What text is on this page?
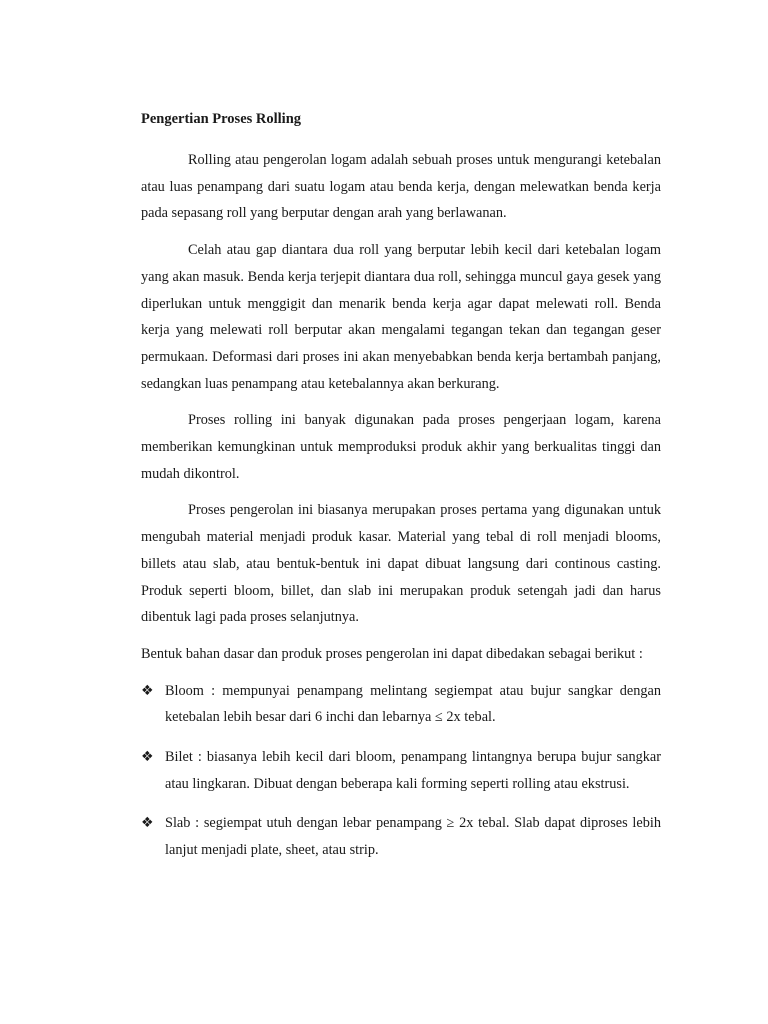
Pengertian Proses Rolling

Rolling atau pengerolan logam adalah sebuah proses untuk mengurangi ketebalan atau luas penampang dari suatu logam atau benda kerja, dengan melewatkan benda kerja pada sepasang roll yang berputar dengan arah yang berlawanan.

Celah atau gap diantara dua roll yang berputar lebih kecil dari ketebalan logam yang akan masuk. Benda kerja terjepit diantara dua roll, sehingga muncul gaya gesek yang diperlukan untuk menggigit dan menarik benda kerja agar dapat melewati roll. Benda kerja yang melewati roll berputar akan mengalami tegangan tekan dan tegangan geser permukaan. Deformasi dari proses ini akan menyebabkan benda kerja bertambah panjang, sedangkan luas penampang atau ketebalannya akan berkurang.

Proses rolling ini banyak digunakan pada proses pengerjaan logam, karena memberikan kemungkinan untuk memproduksi produk akhir yang berkualitas tinggi dan mudah dikontrol.

Proses pengerolan ini biasanya merupakan proses pertama yang digunakan untuk mengubah material menjadi produk kasar. Material yang tebal di roll menjadi blooms, billets atau slab, atau bentuk-bentuk ini dapat dibuat langsung dari continous casting. Produk seperti bloom, billet, dan slab ini merupakan produk setengah jadi dan harus dibentuk lagi pada proses selanjutnya.

Bentuk bahan dasar dan produk proses pengerolan ini dapat dibedakan sebagai berikut :

❖ Bloom : mempunyai penampang melintang segiempat atau bujur sangkar dengan ketebalan lebih besar dari 6 inchi dan lebarnya ≤ 2x tebal.
❖ Bilet : biasanya lebih kecil dari bloom, penampang lintangnya berupa bujur sangkar atau lingkaran. Dibuat dengan beberapa kali forming seperti rolling atau ekstrusi.
❖ Slab : segiempat utuh dengan lebar penampang ≥ 2x tebal. Slab dapat diproses lebih lanjut menjadi plate, sheet, atau strip.
